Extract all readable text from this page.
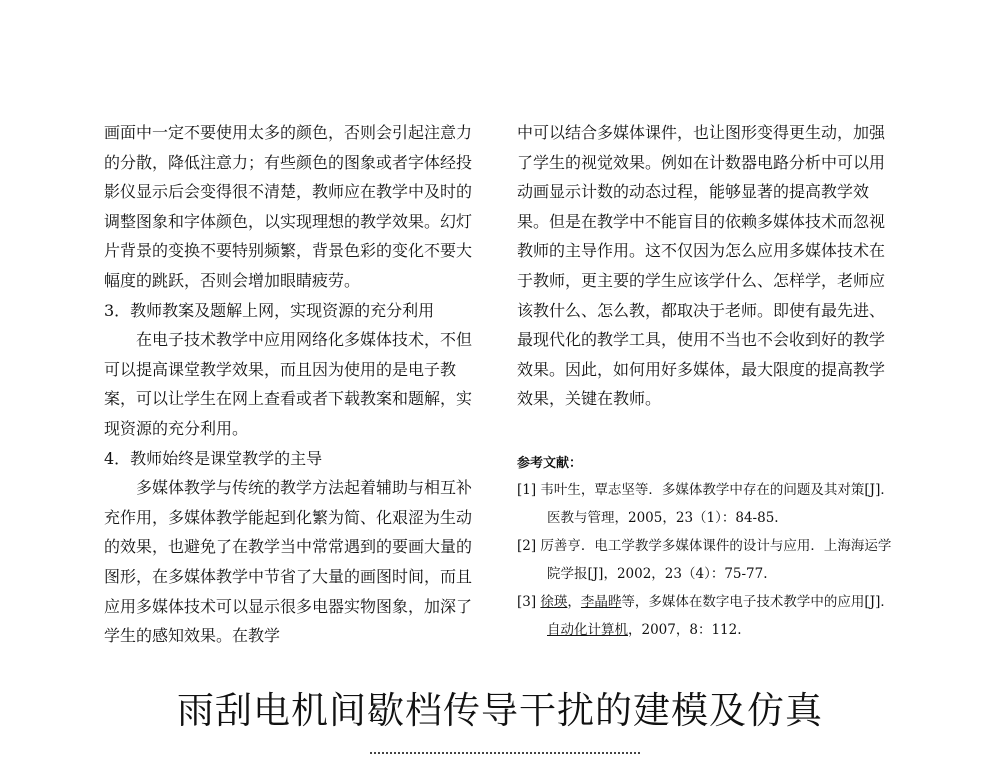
画面中一定不要使用太多的颜色，否则会引起注意力的分散，降低注意力；有些颜色的图象或者字体经投影仪显示后会变得很不清楚，教师应在教学中及时的调整图象和字体颜色，以实现理想的教学效果。幻灯片背景的变换不要特别频繁，背景色彩的变化不要大幅度的跳跃，否则会增加眼睛疲劳。

3．教师教案及题解上网，实现资源的充分利用

在电子技术教学中应用网络化多媒体技术，不但可以提高课堂教学效果，而且因为使用的是电子教案，可以让学生在网上查看或者下载教案和题解，实现资源的充分利用。

4．教师始终是课堂教学的主导

多媒体教学与传统的教学方法起着辅助与相互补充作用，多媒体教学能起到化繁为简、化艰涩为生动的效果，也避免了在教学当中常常遇到的要画大量的图形，在多媒体教学中节省了大量的画图时间，而且应用多媒体技术可以显示很多电器实物图象，加深了学生的感知效果。在教学

中可以结合多媒体课件，也让图形变得更生动，加强了学生的视觉效果。例如在计数器电路分析中可以用动画显示计数的动态过程，能够显著的提高教学效果。但是在教学中不能盲目的依赖多媒体技术而忽视教师的主导作用。这不仅因为怎么应用多媒体技术在于教师，更主要的学生应该学什么、怎样学，老师应该教什么、怎么教，都取决于老师。即使有最先进、最现代化的教学工具，使用不当也不会收到好的教学效果。因此，如何用好多媒体，最大限度的提高教学效果，关键在教师。

参考文献：

[1] 韦叶生，覃志坚等．多媒体教学中存在的问题及其对策[J]．医教与管理，2005，23（1）：84-85.

[2] 厉善亨．电工学教学多媒体课件的设计与应用．上海海运学院学报[J]，2002，23（4）：75-77.

[3] 徐瑛，李晶晔等，多媒体在数字电子技术教学中的应用[J]．自动化计算机，2007，8：112.

雨刮电机间歇档传导干扰的建模及仿真
